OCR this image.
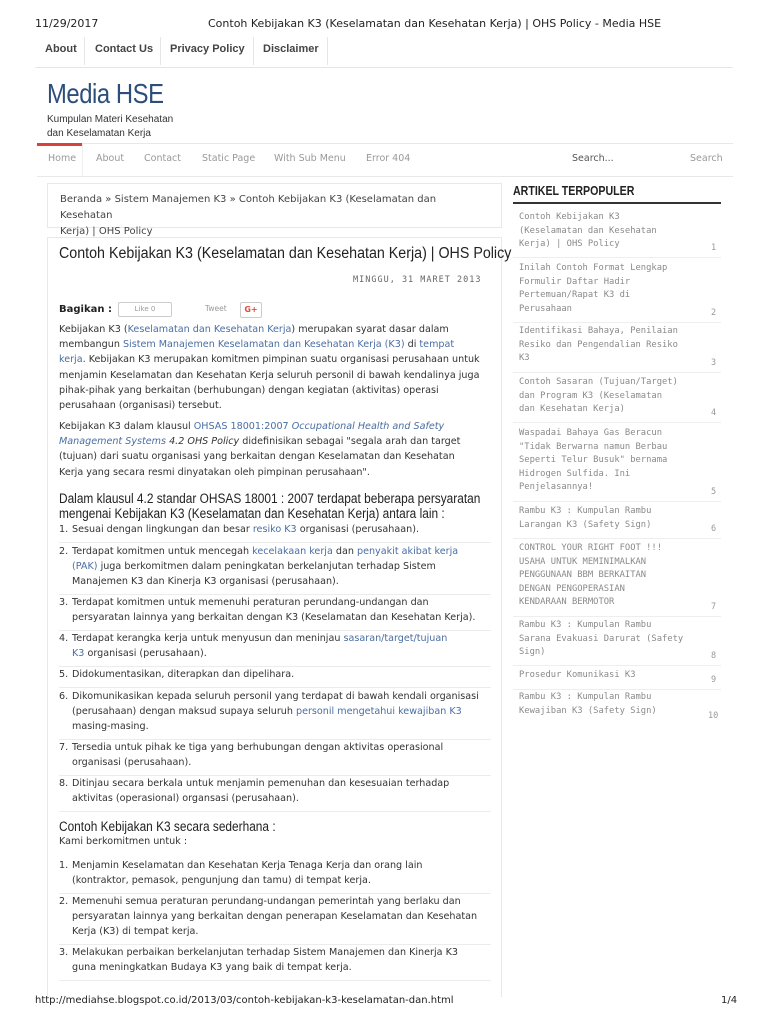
11/29/2017	Contoh Kebijakan K3 (Keselamatan dan Kesehatan Kerja) | OHS Policy - Media HSE
http://mediahse.blogspot.co.id/2013/03/contoh-kebijakan-k3-keselamatan-dan.html	1/4
About Contact Us Privacy Policy Disclaimer
Media HSE
Kumpulan Materi Kesehatan
dan Keselamatan Kerja
Home About Contact Static Page With Sub Menu Error 404	Search...	Search
Beranda » Sistem Manajemen K3 » Contoh Kebijakan K3 (Keselamatan dan Kesehatan
Kerja) | OHS Policy
Contoh Kebijakan K3 (Keselamatan dan Kesehatan Kerja) | OHS Policy
MINGGU, 31 MARET 2013
Bagikan :	Like 0	Tweet	G+
Kebijakan K3 (Keselamatan dan Kesehatan Kerja) merupakan syarat dasar dalam
membangun Sistem Manajemen Keselamatan dan Kesehatan Kerja (K3) di tempat
kerja. Kebijakan K3 merupakan komitmen pimpinan suatu organisasi perusahaan untuk
menjamin Keselamatan dan Kesehatan Kerja seluruh personil di bawah kendalinya juga
pihak-pihak yang berkaitan (berhubungan) dengan kegiatan (aktivitas) operasi
perusahaan (organisasi) tersebut.
Kebijakan K3 dalam klausul OHSAS 18001:2007 Occupational Health and Safety
Management Systems 4.2 OHS Policy didefinisikan sebagai "segala arah dan target
(tujuan) dari suatu organisasi yang berkaitan dengan Keselamatan dan Kesehatan
Kerja yang secara resmi dinyatakan oleh pimpinan perusahaan".
Dalam klausul 4.2 standar OHSAS 18001 : 2007 terdapat beberapa persyaratan
mengenai Kebijakan K3 (Keselamatan dan Kesehatan Kerja) antara lain :
1. Sesuai dengan lingkungan dan besar resiko K3 organisasi (perusahaan).
2. Terdapat komitmen untuk mencegah kecelakaan kerja dan penyakit akibat kerja
(PAK) juga berkomitmen dalam peningkatan berkelanjutan terhadap Sistem
Manajemen K3 dan Kinerja K3 organisasi (perusahaan).
3. Terdapat komitmen untuk memenuhi peraturan perundang-undangan dan
persyaratan lainnya yang berkaitan dengan K3 (Keselamatan dan Kesehatan Kerja).
4. Terdapat kerangka kerja untuk menyusun dan meninjau sasaran/target/tujuan
K3 organisasi (perusahaan).
5. Didokumentasikan, diterapkan dan dipelihara.
6. Dikomunikasikan kepada seluruh personil yang terdapat di bawah kendali organisasi
(perusahaan) dengan maksud supaya seluruh personil mengetahui kewajiban K3
masing-masing.
7. Tersedia untuk pihak ke tiga yang berhubungan dengan aktivitas operasional
organisasi (perusahaan).
8. Ditinjau secara berkala untuk menjamin pemenuhan dan kesesuaian terhadap
aktivitas (operasional) organsasi (perusahaan).
Contoh Kebijakan K3 secara sederhana :
Kami berkomitmen untuk :
1. Menjamin Keselamatan dan Kesehatan Kerja Tenaga Kerja dan orang lain
(kontraktor, pemasok, pengunjung dan tamu) di tempat kerja.
2. Memenuhi semua peraturan perundang-undangan pemerintah yang berlaku dan
persyaratan lainnya yang berkaitan dengan penerapan Keselamatan dan Kesehatan
Kerja (K3) di tempat kerja.
3. Melakukan perbaikan berkelanjutan terhadap Sistem Manajemen dan Kinerja K3
guna meningkatkan Budaya K3 yang baik di tempat kerja.
ARTIKEL TERPOPULER
Contoh Kebijakan K3
(Keselamatan dan Kesehatan
Kerja) | OHS Policy	1
Inilah Contoh Format Lengkap
Formulir Daftar Hadir
Pertemuan/Rapat K3 di
Perusahaan	2
Identifikasi Bahaya, Penilaian
Resiko dan Pengendalian Resiko
K3	3
Contoh Sasaran (Tujuan/Target)
dan Program K3 (Keselamatan
dan Kesehatan Kerja)	4
Waspadai Bahaya Gas Beracun
"Tidak Berwarna namun Berbau
Seperti Telur Busuk" bernama
Hidrogen Sulfida. Ini
Penjelasannya!	5
Rambu K3 : Kumpulan Rambu
Larangan K3 (Safety Sign)	6
CONTROL YOUR RIGHT FOOT !!!
USAHA UNTUK MEMINIMALKAN
PENGGUNAAN BBM BERKAITAN
DENGAN PENGOPERASIAN
KENDARAAN BERMOTOR	7
Rambu K3 : Kumpulan Rambu
Sarana Evakuasi Darurat (Safety
Sign)	8
Prosedur Komunikasi K3	9
Rambu K3 : Kumpulan Rambu
Kewajiban K3 (Safety Sign)
10
